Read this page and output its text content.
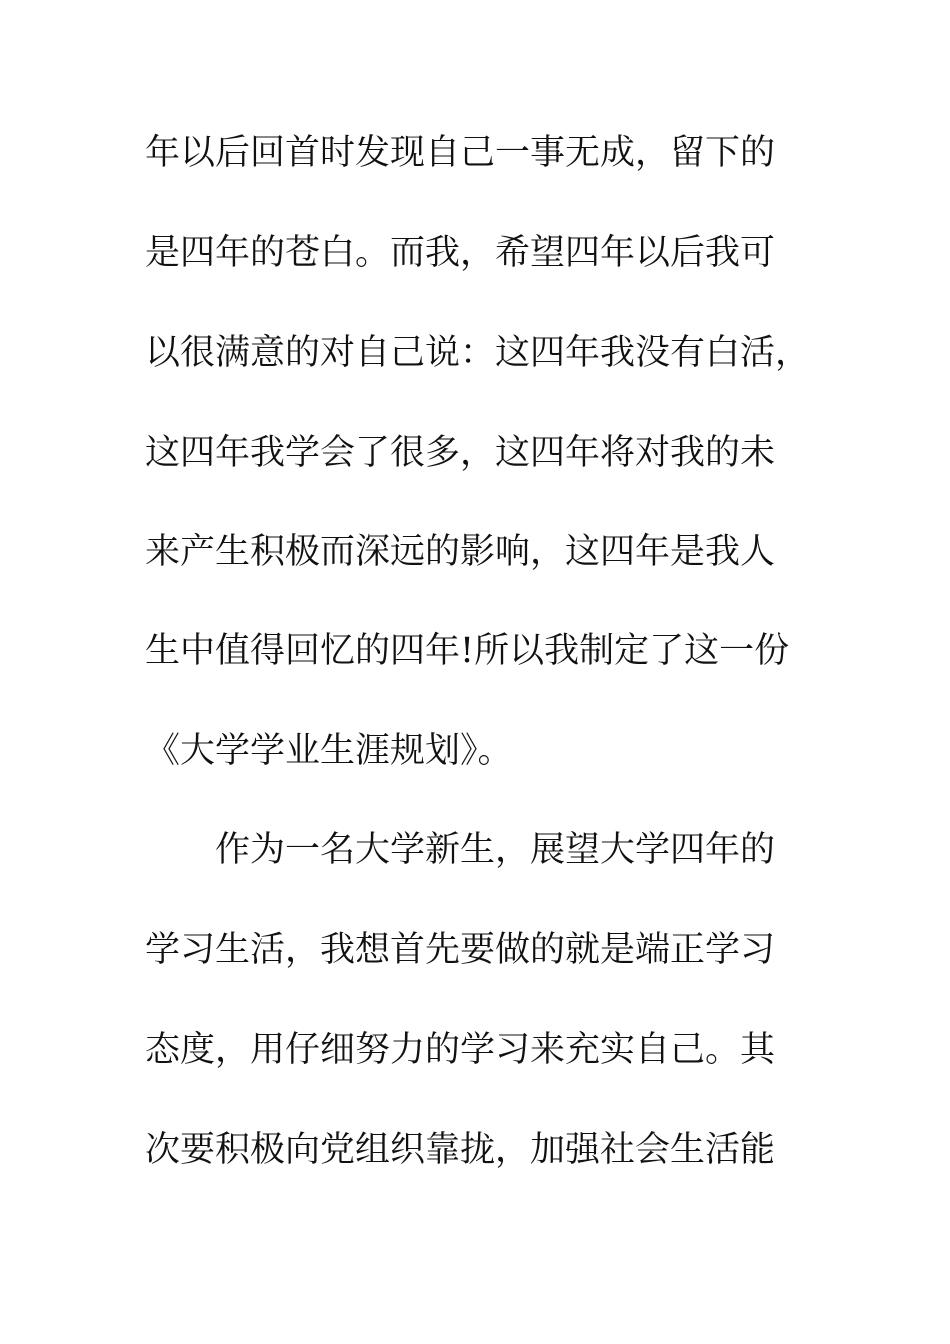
年以后回首时发现自己一事无成，留下的
是四年的苍白。而我，希望四年以后我可
以很满意的对自己说：这四年我没有白活，
这四年我学会了很多，这四年将对我的未
来产生积极而深远的影响，这四年是我人
生中值得回忆的四年!所以我制定了这一份
《大学学业生涯规划》。
作为一名大学新生，展望大学四年的
学习生活，我想首先要做的就是端正学习
态度，用仔细努力的学习来充实自己。其
次要积极向党组织靠拢，加强社会生活能
